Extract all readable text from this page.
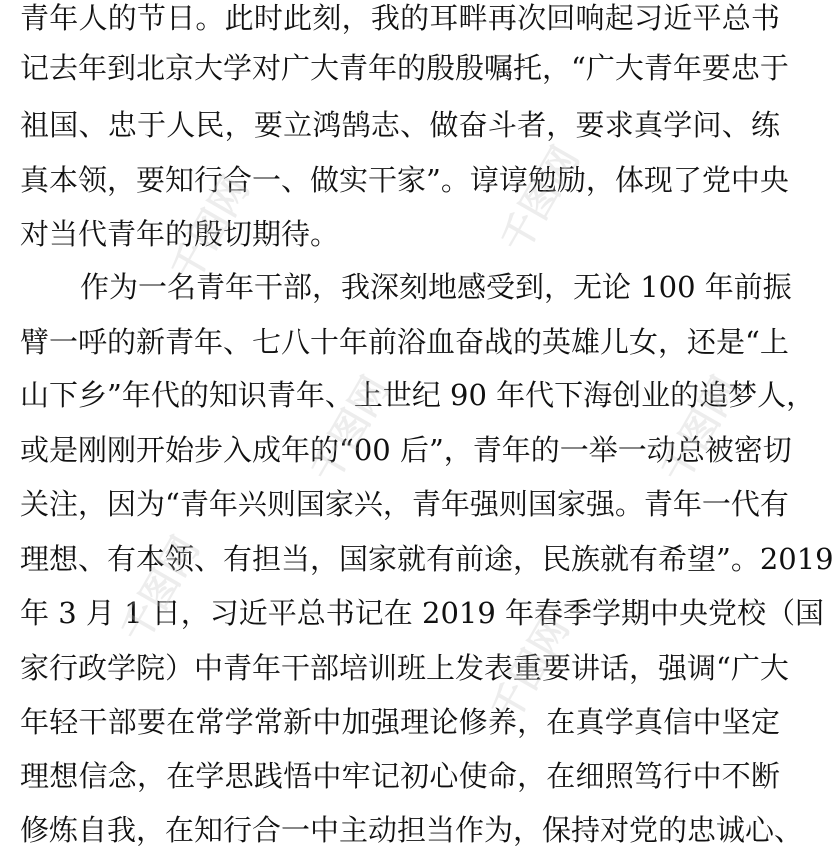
青年人的节日。此时此刻，我的耳畔再次回响起习近平总书
记去年到北京大学对广大青年的殷殷嘱托，“广大青年要忠于
祖国、忠于人民，要立鸿鹄志、做奋斗者，要求真学问、练
真本领，要知行合一、做实干家”。谆谆勉励，体现了党中央
对当代青年的殷切期待。
作为一名青年干部，我深刻地感受到，无论 100 年前振
臂一呼的新青年、七八十年前浴血奋战的英雄儿女，还是“上
山下乡”年代的知识青年、上世纪 90 年代下海创业的追梦人，
或是刚刚开始步入成年的“00 后”，青年的一举一动总被密切
关注，因为“青年兴则国家兴，青年强则国家强。青年一代有
理想、有本领、有担当，国家就有前途，民族就有希望”。2019
年 3 月 1 日，习近平总书记在 2019 年春季学期中央党校（国
家行政学院）中青年干部培训班上发表重要讲话，强调“广大
年轻干部要在常学常新中加强理论修养，在真学真信中坚定
理想信念，在学思践悟中牢记初心使命，在细照笃行中不断
修炼自我，在知行合一中主动担当作为，保持对党的忠诚心、
千图网	千图网
千图网	千图网
千图网
千图网
